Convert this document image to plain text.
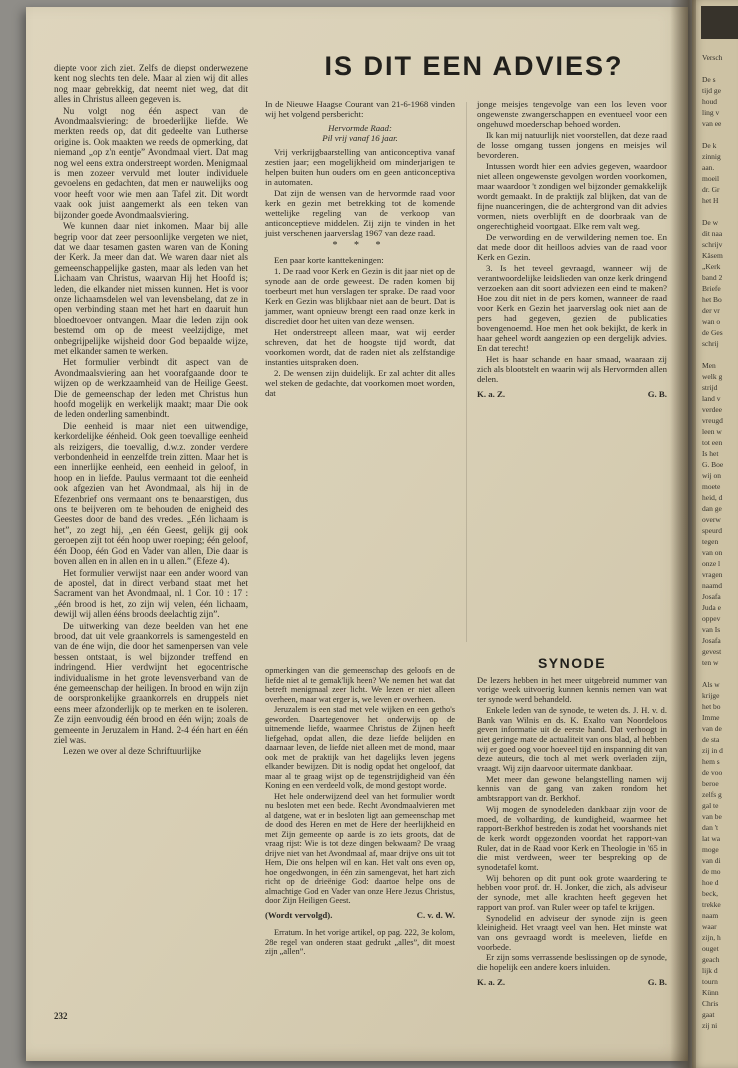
diepte voor zich ziet. Zelfs de diepst onderwezene kent nog slechts ten dele. Maar al zien wij dit alles nog maar gebrekkig, dat neemt niet weg, dat dit alles in Christus alleen gegeven is.

Nu volgt nog één aspect van de Avondmaalsviering: de broederlijke liefde. We merkten reeds op, dat dit gedeelte van Lutherse origine is. Ook maakten we reeds de opmerking, dat niemand „op z'n eentje” Avondmaal viert. Dat mag nog wel eens extra onderstreept worden. Menigmaal is men zozeer vervuld met louter individuele gevoelens en gedachten, dat men er nauwelijks oog voor heeft voor wie men aan Tafel zit. Dit wordt vaak ook juist aangemerkt als een teken van bijzonder goede Avondmaalsviering.

We kunnen daar niet inkomen. Maar bij alle begrip voor dat zeer persoonlijke vergeten we niet, dat we daar tesamen gasten waren van de Koning der Kerk. Ja meer dan dat. We waren daar niet als gemeenschappelijke gasten, maar als leden van het Lichaam van Christus, waarvan Hij het Hoofd is; leden, die elkander niet missen kunnen. Het is voor onze lichaamsdelen wel van levensbelang, dat ze in open verbinding staan met het hart en daaruit hun bloedtoevoer ontvangen. Maar die leden zijn ook bestemd om op de meest veelzijdige, met onbegrijpelijke wijsheid door God bepaalde wijze, met elkander samen te werken.

Het formulier verbindt dit aspect van de Avondmaalsviering aan het voorafgaande door te wijzen op de werkzaamheid van de Heilige Geest. Die de gemeenschap der leden met Christus hun hoofd mogelijk en werkelijk maakt; maar Die ook de leden onderling samenbindt.

Die eenheid is maar niet een uitwendige, kerkordelijke éénheid. Ook geen toevallige eenheid als reizigers, die toevallig, d.w.z. zonder verdere verbondenheid in eenzelfde trein zitten. Maar het is een innerlijke eenheid, een eenheid in geloof, in hoop en in liefde. Paulus vermaant tot die eenheid ook afgezien van het Avondmaal, als hij in de Efezenbrief ons vermaant ons te benaarstigen, dus ons te beijveren om te behouden de enigheid des Geestes door de band des vredes. „Eén lichaam is het”, zo zegt hij, „en één Geest, gelijk gij ook geroepen zijt tot één hoop uwer roeping; één geloof, één Doop, één God en Vader van allen, Die daar is boven allen en in allen en in u allen.” (Efeze 4).

Het formulier verwijst naar een ander woord van de apostel, dat in direct verband staat met het Sacrament van het Avondmaal, nl. 1 Cor. 10 : 17 : „één brood is het, zo zijn wij velen, één lichaam, dewijl wij allen ééns broods deelachtig zijn”.

De uitwerking van deze beelden van het ene brood, dat uit vele graankorrels is samengesteld en van de éne wijn, die door het samenpersen van vele bessen ontstaat, is wel bijzonder treffend en indringend. Hier verdwijnt het egocentrische individualisme in het grote levensverband van de éne gemeenschap der heiligen. In brood en wijn zijn de oorspronkelijke graankorrels en druppels niet eens meer afzonderlijk op te merken en te isoleren. Ze zijn eenvoudig één brood en één wijn; zoals de gemeente in Jeruzalem in Hand. 2-4 één hart en één ziel was.

Lezen we over al deze Schriftuurlijke

IS DIT EEN ADVIES?

In de Nieuwe Haagse Courant van 21-6-1968 vinden wij het volgend persbericht:

Hervormde Raad:

Pil vrij vanaf 16 jaar.

Vrij verkrijgbaarstelling van anticonceptiva vanaf zestien jaar; een mogelijkheid om minderjarigen te helpen buiten hun ouders om en geen anticonceptiva in automaten.

Dat zijn de wensen van de hervormde raad voor kerk en gezin met betrekking tot de komende wettelijke regeling van de verkoop van anticonceptieve middelen. Zij zijn te vinden in het juist verschenen jaarverslag 1967 van deze raad.

* * *

Een paar korte kanttekeningen:

1. De raad voor Kerk en Gezin is dit jaar niet op de synode aan de orde geweest. De raden komen bij toerbeurt met hun verslagen ter sprake. De raad voor Kerk en Gezin was blijkbaar niet aan de beurt. Dat is jammer, want opnieuw brengt een raad onze kerk in discrediet door het uiten van deze wensen.

Het onderstreept alleen maar, wat wij eerder schreven, dat het de hoogste tijd wordt, dat voorkomen wordt, dat de raden niet als zelfstandige instanties uitspraken doen.

2. De wensen zijn duidelijk. Er zal achter dit alles wel steken de gedachte, dat voorkomen moet worden, dat

jonge meisjes tengevolge van een los leven voor ongewenste zwangerschappen en eventueel voor een ongehuwd moederschap behoed worden.

Ik kan mij natuurlijk niet voorstellen, dat deze raad de losse omgang tussen jongens en meisjes wil bevorderen.

Intussen wordt hier een advies gegeven, waardoor niet alleen ongewenste gevolgen worden voorkomen, maar waardoor 't zondigen wel bijzonder gemakkelijk wordt gemaakt. In de praktijk zal blijken, dat van de fijne nuanceringen, die de achtergrond van dit advies vormen, niets overblijft en de doorbraak van de ongerechtigheid voortgaat. Elke rem valt weg.

De verwording en de verwildering nemen toe. En dat mede door dit heilloos advies van de raad voor Kerk en Gezin.

3. Is het teveel gevraagd, wanneer wij de verantwoordelijke leidslieden van onze kerk dringend verzoeken aan dit soort adviezen een eind te maken? Hoe zou dit niet in de pers komen, wanneer de raad voor Kerk en Gezin het jaarverslag ook niet aan de pers had gegeven, gezien de publicaties bovengenoemd. Hoe men het ook bekijkt, de kerk in haar geheel wordt aangezien op een dergelijk advies. En dat terecht!

Het is haar schande en haar smaad, waaraan zij zich als blootstelt en waarin wij als Hervormden allen delen.

K. a. Z.	G. B.

opmerkingen van die gemeenschap des geloofs en de liefde niet al te gemak'lijk heen? We nemen het wat dat betreft menigmaal zeer licht. We lezen er niet alleen overheen, maar wat erger is, we leven er overheen.

Jeruzalem is een stad met vele wijken en een getho's geworden. Daartegenover het onderwijs op de uitnemende liefde, waarmee Christus de Zijnen heeft liefgehad, opdat allen, die deze liefde belijden en daarnaar leven, de liefde niet alleen met de mond, maar ook met de praktijk van het dagelijks leven jegens elkander bewijzen. Dit is nodig opdat het ongeloof, dat maar al te graag wijst op de tegenstrijdigheid van één Koning en een verdeeld volk, de mond gestopt worde.

Het hele onderwijzend deel van het formulier wordt nu besloten met een bede. Recht Avondmaalvieren met al datgene, wat er in besloten ligt aan gemeenschap met de dood des Heren en met de Here der heerlijkheid en met Zijn gemeente op aarde is zo iets groots, dat de vraag rijst: Wie is tot deze dingen bekwaam? De vraag drijve niet van het Avondmaal af, maar drijve ons uit tot Hem, Die ons helpen wil en kan. Het valt ons even op, hoe ongedwongen, in één zin samengevat, het hart zich richt op de drieënige God: daartoe helpe ons de almachtige God en Vader van onze Here Jezus Christus, door Zijn Heiligen Geest.

(Wordt vervolgd).	C. v. d. W.

Erratum. In het vorige artikel, op pag. 222, 3e kolom, 28e regel van onderen staat gedrukt „alles”, dit moest zijn „allen”.

SYNODE

De lezers hebben in het meer uitgebreid nummer van vorige week uitvoerig kunnen kennis nemen van wat ter synode werd behandeld.

Enkele leden van de synode, te weten ds. J. H. v. d. Bank van Wilnis en ds. K. Exalto van Noordeloos geven informatie uit de eerste hand. Dat verhoogt in niet geringe mate de actualiteit van ons blad, al hebben wij er goed oog voor hoeveel tijd en inspanning dit van deze auteurs, die toch al met werk overladen zijn, vraagt. Wij zijn daarvoor uitermate dankbaar.

Met meer dan gewone belangstelling namen wij kennis van de gang van zaken rondom het ambtsrapport van dr. Berkhof.

Wij mogen de synodeleden dankbaar zijn voor de moed, de volharding, de kundigheid, waarmee het rapport-Berkhof bestreden is zodat het voorshands niet de kerk wordt opgezonden voordat het rapport-van Ruler, dat in de Raad voor Kerk en Theologie in '65 in die mist verdween, weer ter bespreking op de synodetafel komt.

Wij behoren op dit punt ook grote waardering te hebben voor prof. dr. H. Jonker, die zich, als adviseur der synode, met alle krachten heeft gegeven het rapport van prof. van Ruler weer op tafel te krijgen.

Synodelid en adviseur der synode zijn is geen kleinigheid. Het vraagt veel van hen. Het minste wat van ons gevraagd wordt is meeleven, liefde en voorbede.

Er zijn soms verrassende beslissingen op de synode, die hopelijk een andere koers inluiden.

K. a. Z.	G. B.
232

Versch

De s

tijd ge

houd

ling v

van ee

De k

zinnig

aan.

moeil

dr. Gr

het H

De w

dit naa

schrijv

Käsem

„Kerk

band 2

Briefe

het Bo

der vr

wan o

de Ges

schrij

Men

welk g

strijd

land v

verdee

vreugd

leen w

tot een

Is het

G. Boe

wij on

moete

heid, d

dan ge

overw

speurd

tegen

van on

onze l

vragen

naamd

Josafa

Juda e

oppev

van Is

Josafa

gevest

ten w

Als w

krijge

het bo

Imme

van de

de sta

zij in d

hem s

de voo

beroe

zelfs g

gal te

van be

dan 't

lat wa

moge

van di

de mo

hoe d

beck,

trekke

naam

waar

zijn, h

ouget

geach

lijk d

tourn

Künn

Chris

gaat

zij ni
